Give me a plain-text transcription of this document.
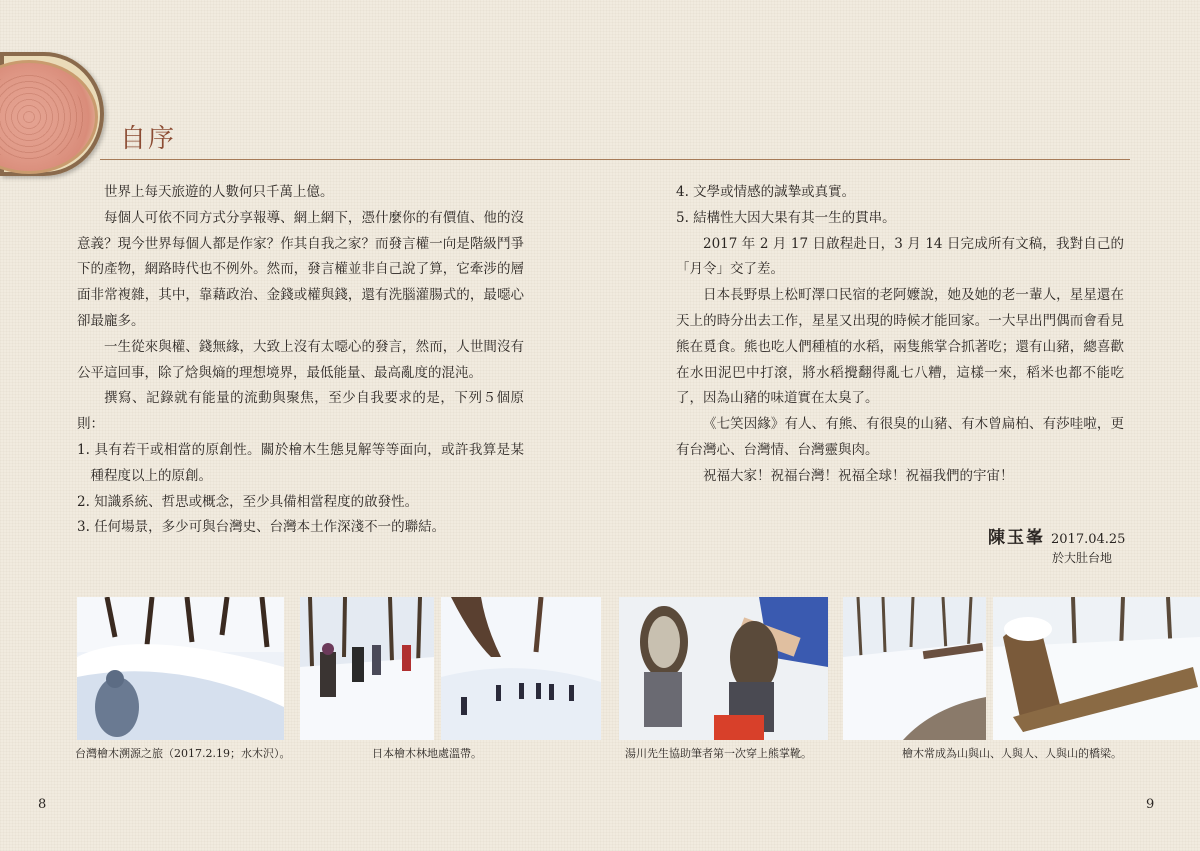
自序

世界上每天旅遊的人數何只千萬上億。

每個人可依不同方式分享報導、網上網下，憑什麼你的有價值、他的沒意義？現今世界每個人都是作家？作其自我之家？而發言權一向是階級鬥爭下的產物，網路時代也不例外。然而，發言權並非自己說了算，它牽涉的層面非常複雜，其中，靠藉政治、金錢或權與錢，還有洗腦灌腸式的，最噁心卻最龐多。

一生從來與權、錢無緣，大致上沒有太噁心的發言，然而，人世間沒有公平這回事，除了焓與熵的理想境界，最低能量、最高亂度的混沌。

撰寫、記錄就有能量的流動與聚焦，至少自我要求的是，下列５個原則：

1. 具有若干或相當的原創性。關於檜木生態見解等等面向，或許我算是某種程度以上的原創。

2. 知識系統、哲思或概念，至少具備相當程度的啟發性。

3. 任何場景，多少可與台灣史、台灣本土作深淺不一的聯結。

4. 文學或情感的誠摯或真實。

5. 結構性大因大果有其一生的貫串。

2017 年 2 月 17 日啟程赴日，3 月 14 日完成所有文稿，我對自己的「月令」交了差。

日本長野県上松町澤口民宿的老阿嬤說，她及她的老一輩人，星星還在天上的時分出去工作，星星又出現的時候才能回家。一大早出門偶而會看見熊在覓食。熊也吃人們種植的水稻，兩隻熊掌合抓著吃；還有山豬，總喜歡在水田泥巴中打滾，將水稻攪翻得亂七八糟，這樣一來，稻米也都不能吃了，因為山豬的味道實在太臭了。

《七笑因緣》有人、有熊、有很臭的山豬、有木曾扁柏、有莎哇啦，更有台灣心、台灣情、台灣靈與肉。

祝福大家！祝福台灣！祝福全球！祝福我們的宇宙！

陳玉峯 2017.04.25
於大肚台地
台灣檜木溯源之旅（2017.2.19；水木沢）。	日本檜木林地處溫帶。	湯川先生協助筆者第一次穿上熊掌靴。	檜木常成為山與山、人與人、人與山的橋梁。
8	9
